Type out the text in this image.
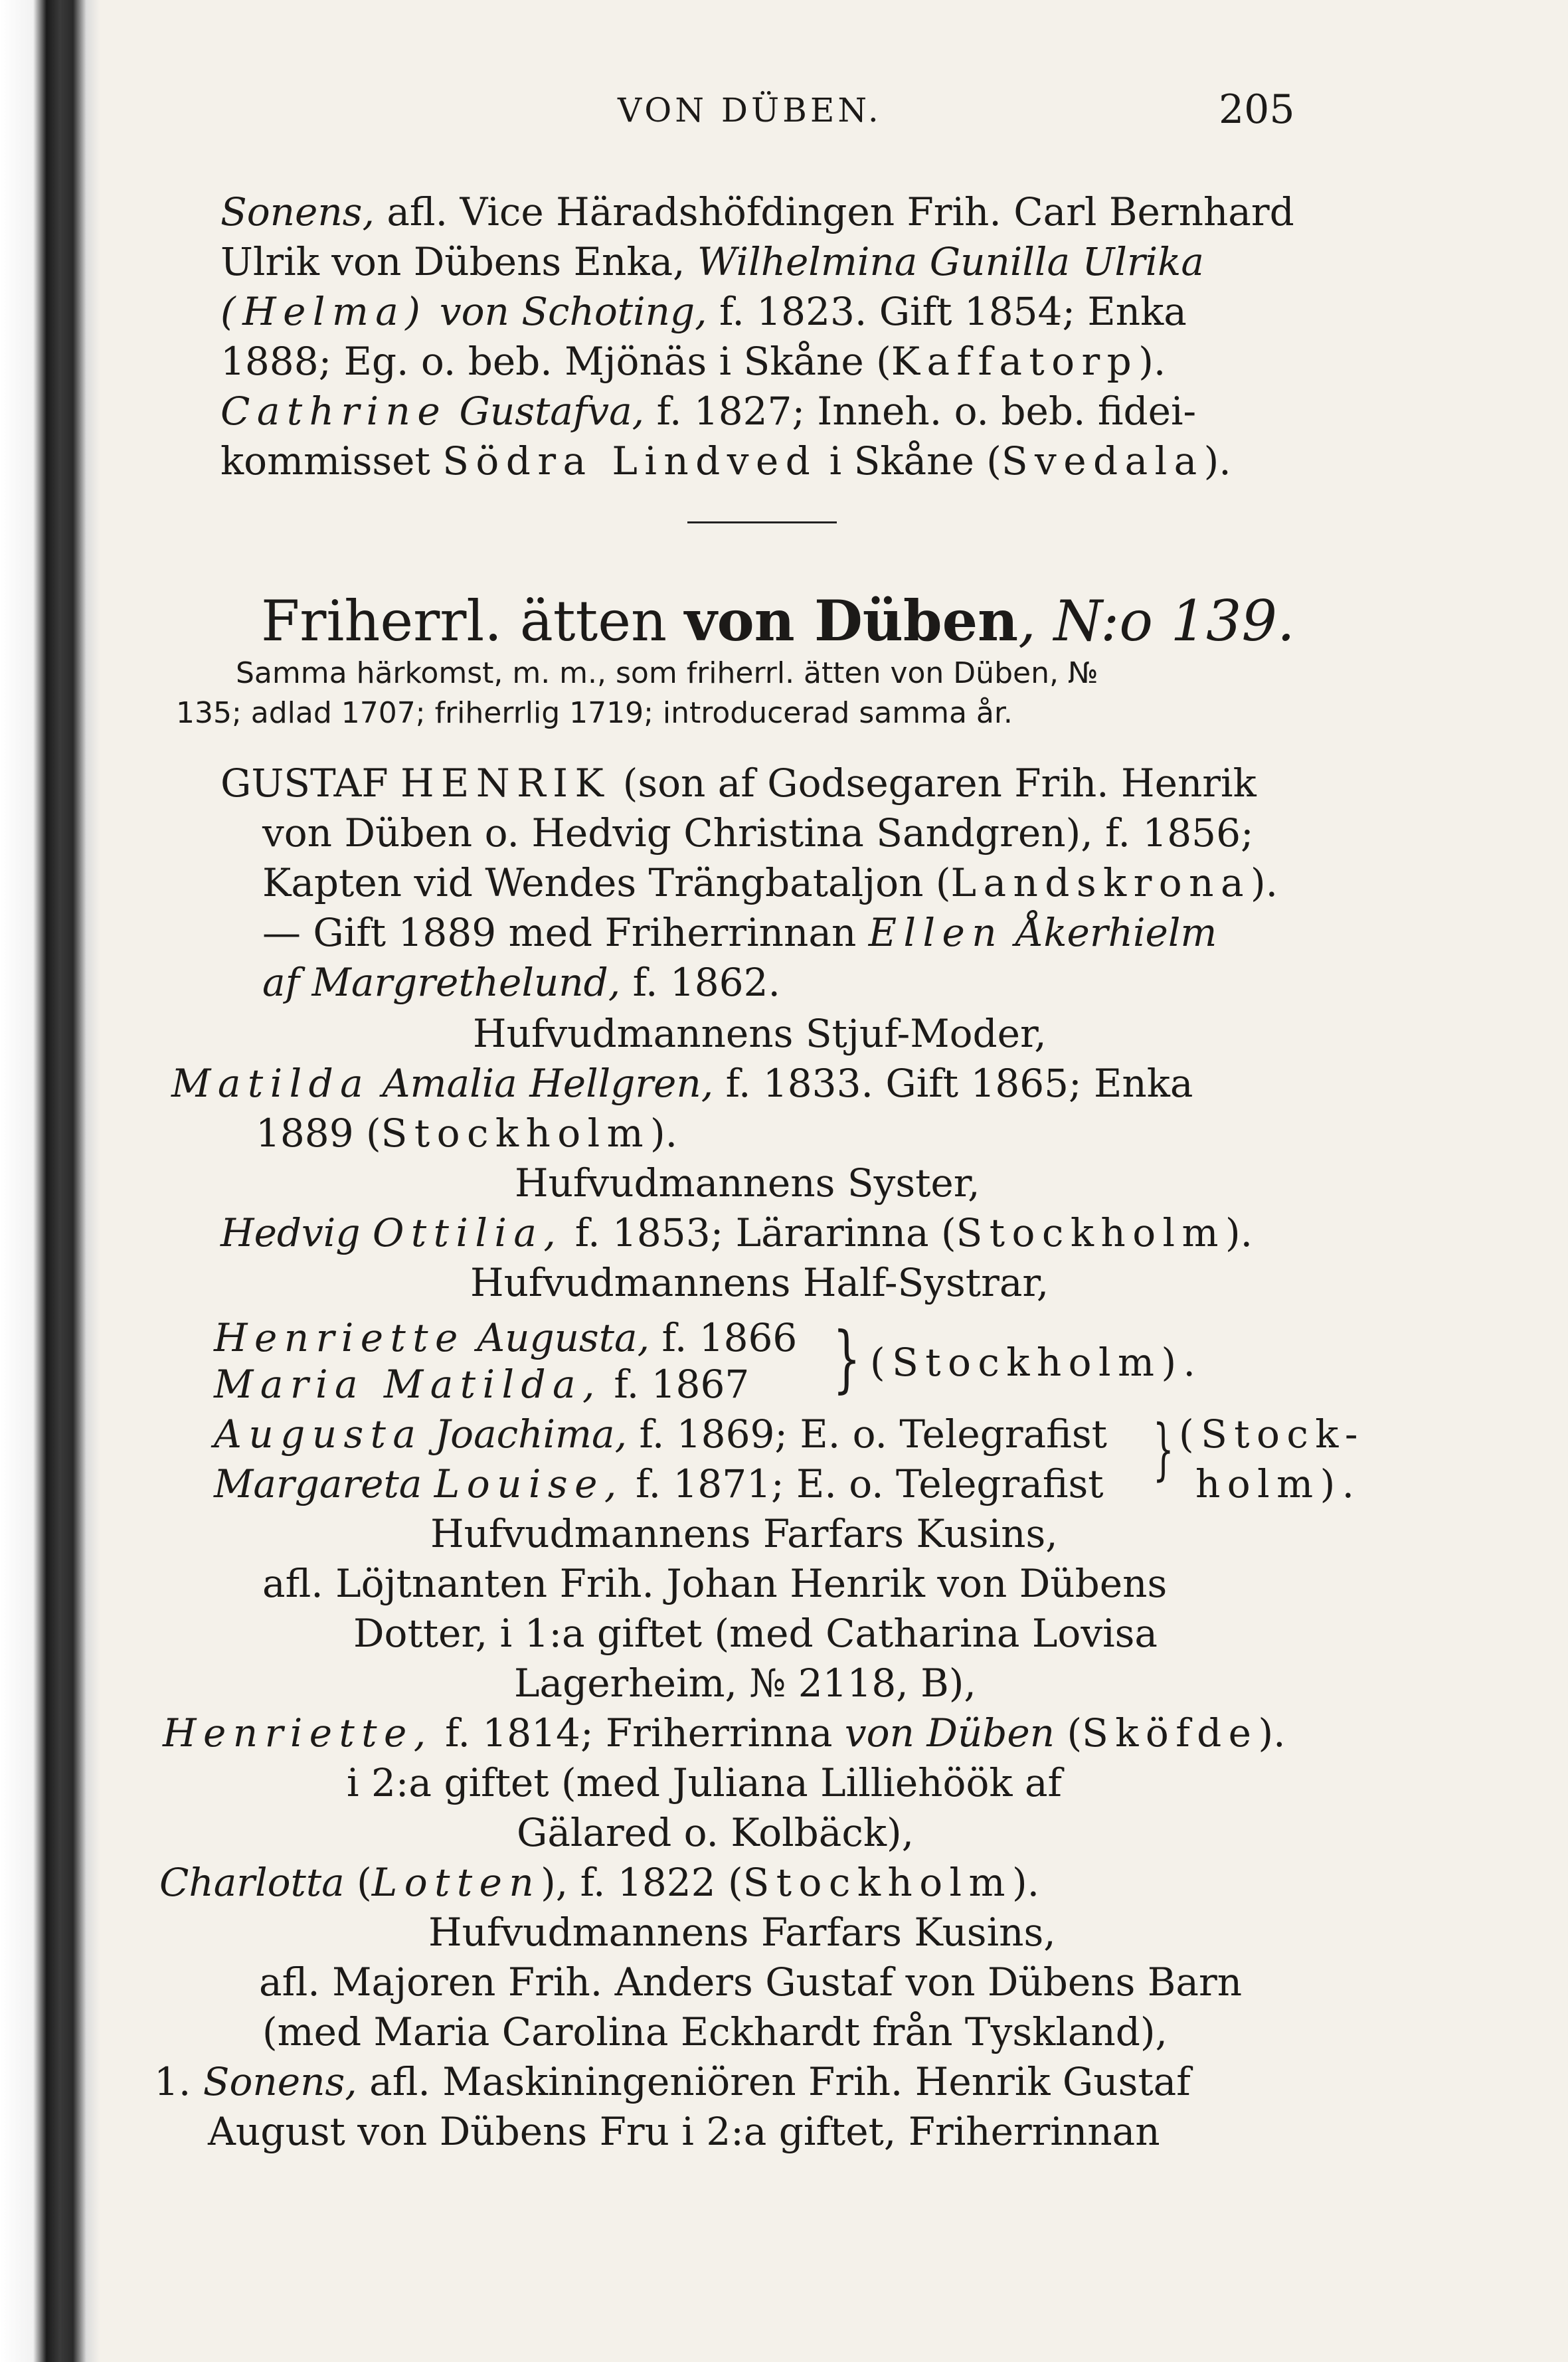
VON DÜBEN.	205
Sonens, afl. Vice Häradshöfdingen Frih. Carl Bernhard
Ulrik von Dübens Enka, Wilhelmina Gunilla Ulrika
(Helma) von Schoting, f. 1823. Gift 1854; Enka
1888; Eg. o. beb. Mjönäs i Skåne (Kaffatorp).
Cathrine Gustafva, f. 1827; Inneh. o. beb. fidei-
kommisset Södra Lindved i Skåne (Svedala).
Friherrl. ätten von Düben, N:o 139.
Samma härkomst, m. m., som friherrl. ätten von Düben, №
135; adlad 1707; friherrlig 1719; introducerad samma år.
GUSTAF HENRIK (son af Godsegaren Frih. Henrik
von Düben o. Hedvig Christina Sandgren), f. 1856;
Kapten vid Wendes Trängbataljon (Landskrona).
— Gift 1889 med Friherrinnan Ellen Åkerhielm
af Margrethelund, f. 1862.
Hufvudmannens Stjuf-Moder,
Matilda Amalia Hellgren, f. 1833. Gift 1865; Enka
1889 (Stockholm).
Hufvudmannens Syster,
Hedvig Ottilia, f. 1853; Lärarinna (Stockholm).
Hufvudmannens Half-Systrar,
Henriette Augusta, f. 1866
Maria Matilda, f. 1867 } (Stockholm).
Augusta Joachima, f. 1869; E. o. Telegrafist
Margareta Louise, f. 1871; E. o. Telegrafist } (Stock-
holm).
Hufvudmannens Farfars Kusins,
afl. Löjtnanten Frih. Johan Henrik von Dübens
Dotter, i 1:a giftet (med Catharina Lovisa
Lagerheim, № 2118, B),
Henriette, f. 1814; Friherrinna von Düben (Sköfde).
i 2:a giftet (med Juliana Lilliehöök af
Gälared o. Kolbäck),
Charlotta (Lotten), f. 1822 (Stockholm).
Hufvudmannens Farfars Kusins,
afl. Majoren Frih. Anders Gustaf von Dübens Barn
(med Maria Carolina Eckhardt från Tyskland),
1. Sonens, afl. Maskiningeniören Frih. Henrik Gustaf
August von Dübens Fru i 2:a giftet, Friherrinnan
